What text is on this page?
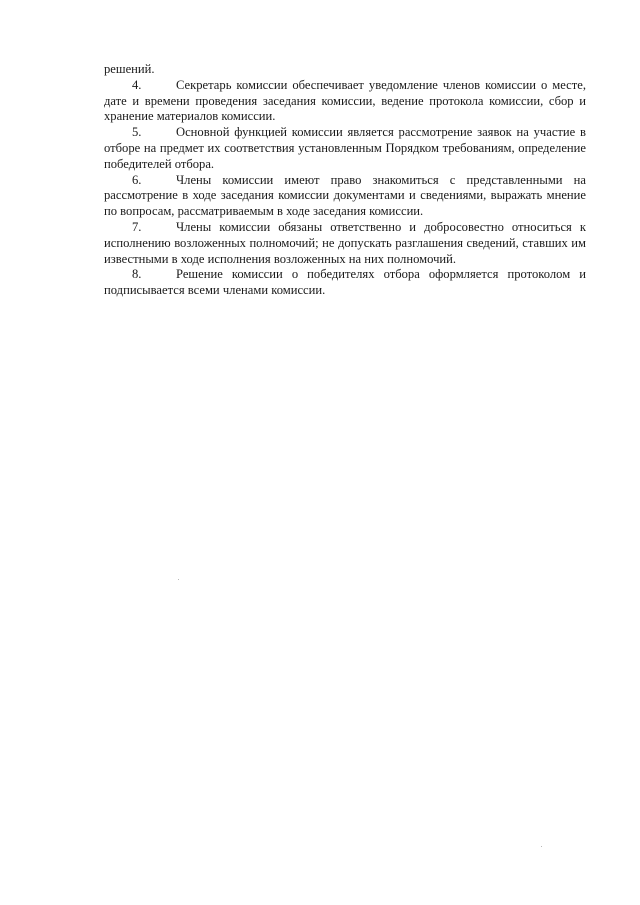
решений.

4.	Секретарь комиссии обеспечивает уведомление членов комиссии о месте, дате и времени проведения заседания комиссии, ведение протокола комиссии, сбор и хранение материалов комиссии.

5.	Основной функцией комиссии является рассмотрение заявок на участие в отборе на предмет их соответствия установленным Порядком требованиям, определение победителей отбора.

6.	Члены комиссии имеют право знакомиться с представленными на рассмотрение в ходе заседания комиссии документами и сведениями, выражать мнение по вопросам, рассматриваемым в ходе заседания комиссии.

7.	Члены комиссии обязаны ответственно и добросовестно относиться к исполнению возложенных полномочий; не допускать разглашения сведений, ставших им известными в ходе исполнения возложенных на них полномочий.

8.	Решение комиссии о победителях отбора оформляется протоколом и подписывается всеми членами комиссии.
